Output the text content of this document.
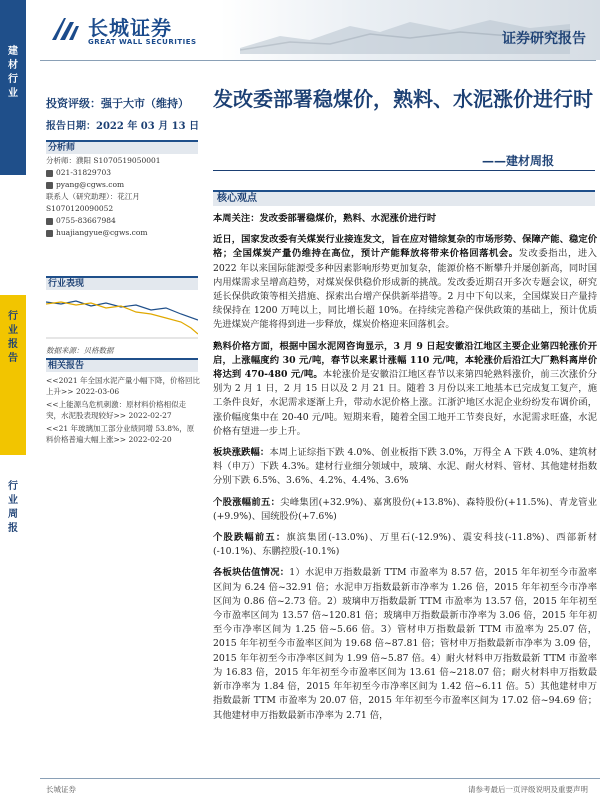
长城证券
GREAT WALL SECURITIES	证券研究报告
建材行业
行业报告
行业周报
投资评级：强于大市（维持）
报告日期：2022 年 03 月 13 日
分析师
分析师：濮阳 S1070519050001
021-31829703
pyang@cgws.com
联系人（研究助理）：花江月
S1070120090052
0755-83667984
huajiangyue@cgws.com
行业表现
数据来源：贝格数据
相关报告
<<2021 年全国水泥产量小幅下降，价格回比上升>> 2022-03-06
<<上能源乌危机刺激：原材料价格相似走突，水泥股表现较好>> 2022-02-27
<<21 年玻璃加工部分业绩同增 53.8%，原料价格普遍大幅上涨>> 2022-02-20
发改委部署稳煤价，熟料、水泥涨价进行时
——建材周报
核心观点

本周关注：发改委部署稳煤价，熟料、水泥涨价进行时

近日，国家发改委有关煤炭行业接连发文，旨在应对错综复杂的市场形势、保障产能、稳定价格；全国煤炭产量仍维持在高位，预计产能释放将带来价格回落机会。发改委指出，进入 2022 年以来国际能源受多种因素影响形势更加复杂，能源价格不断攀升并屡创新高，同时国内用煤需求呈增高趋势，对煤炭保供稳价形成新的挑战。发改委近期召开多次专题会议，研究延长保供政策等相关措施、探索出台增产保供新举措等。2 月中下旬以来，全国煤炭日产量持续保持在 1200 万吨以上，同比增长超 10%。在持续完善稳产保供政策的基础上，预计优质先进煤炭产能将得到进一步释放，煤炭价格迎来回落机会。

熟料价格方面，根据中国水泥网咨询显示，3 月 9 日起安徽沿江地区主要企业第四轮涨价开启，上涨幅度约 30 元/吨，春节以来累计涨幅 110 元/吨，本轮涨价后沿江大厂熟料离岸价将达到 470-480 元/吨。本轮涨价是安徽沿江地区春节以来第四轮熟料涨价，前三次涨价分别为 2 月 1 日，2 月 15 日以及 2 月 21 日。随着 3 月份以来工地基本已完成复工复产，施工条件良好，水泥需求逐渐上升，带动水泥价格上涨。江浙沪地区水泥企业纷纷发布调价函，涨价幅度集中在 20-40 元/吨。短期来看，随着全国工地开工节奏良好，水泥需求旺盛，水泥价格有望进一步上升。

板块涨跌幅：本周上证综指下跌 4.0%、创业板指下跌 3.0%，万得全 A 下跌 4.0%、建筑材料（申万）下跌 4.3%。建材行业细分领域中，玻璃、水泥、耐火材料、管材、其他建材指数分别下跌 6.5%、3.6%、4.2%、4.4%、3.6%

个股涨幅前五：尖峰集团(+32.9%)、嘉寓股份(+13.8%)、森特股份(+11.5%)、青龙管业(+9.9%)、国统股份(+7.6%)

个股跌幅前五：旗滨集团(-13.0%)、万里石(-12.9%)、震安科技(-11.8%)、西部新材(-10.1%)、东鹏控股(-10.1%)

各板块估值情况：1）水泥申万指数最新 TTM 市盈率为 8.57 倍，2015 年年初至今市盈率区间为 6.24 倍~32.91 倍；水泥申万指数最新市净率为 1.26 倍，2015 年年初至今市净率区间为 0.86 倍~2.73 倍。2）玻璃申万指数最新 TTM 市盈率为 13.57 倍，2015 年年初至今市盈率区间为 13.57 倍~120.81 倍；玻璃申万指数最新市净率为 3.06 倍，2015 年年初至今市净率区间为 1.25 倍~5.66 倍。3）管材申万指数最新 TTM 市盈率为 25.07 倍，2015 年年初至今市盈率区间为 19.68 倍~87.81 倍；管材申万指数最新市净率为 3.09 倍，2015 年年初至今市净率区间为 1.99 倍~5.87 倍。4）耐火材料申万指数最新 TTM 市盈率为 16.83 倍，2015 年年初至今市盈率区间为 13.61 倍~218.07 倍；耐火材料申万指数最新市净率为 1.84 倍，2015 年年初至今市净率区间为 1.42 倍~6.11 倍。5）其他建材申万指数最新 TTM 市盈率为 20.07 倍，2015 年年初至今市盈率区间为 17.02 倍~94.69 倍；其他建材申万指数最新市净率为 2.71 倍，

长城证券	请参考最后一页评级说明及重要声明
